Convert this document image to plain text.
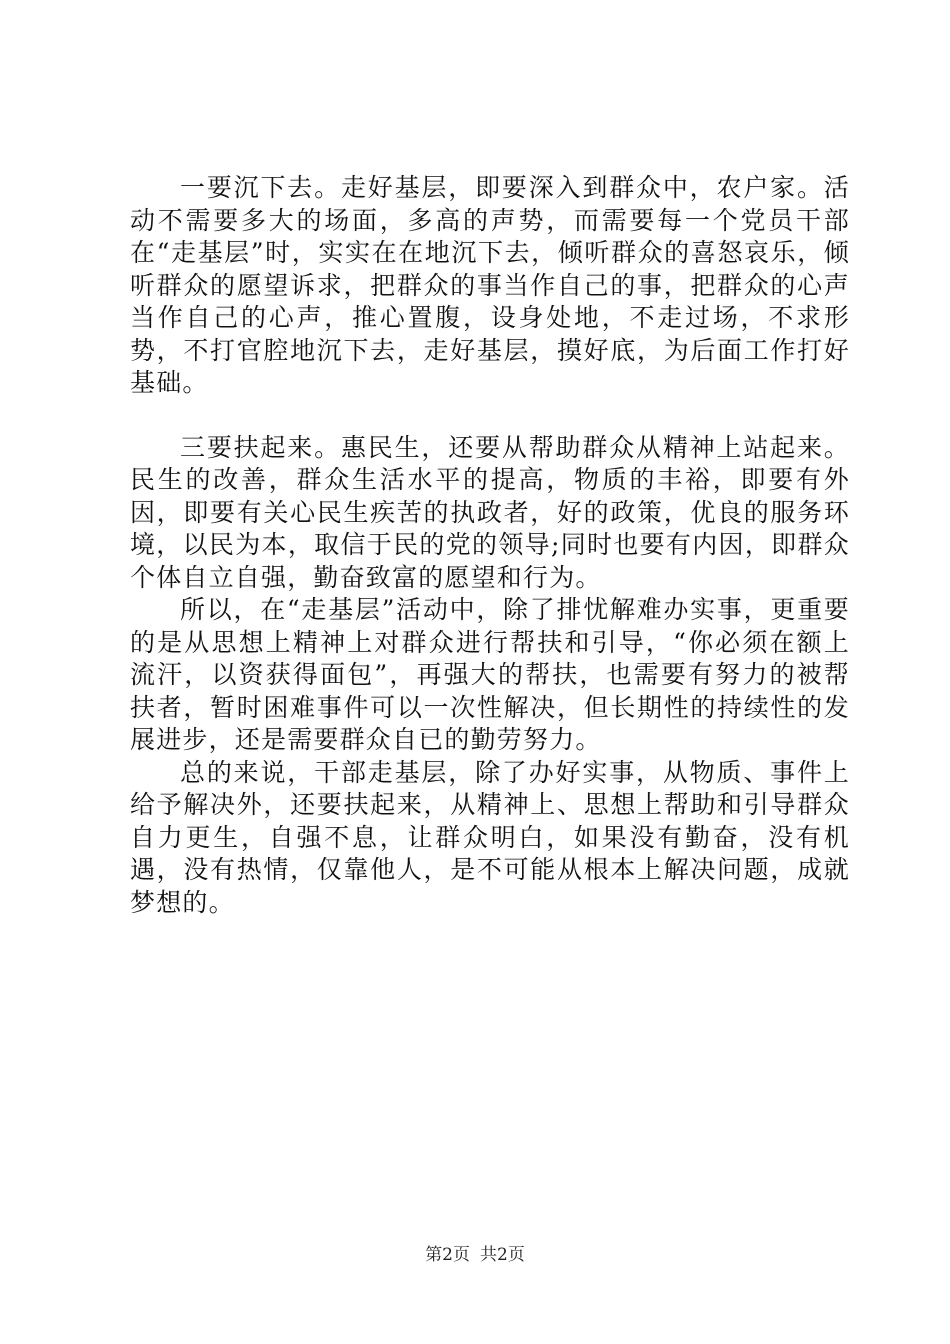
一要沉下去。走好基层，即要深入到群众中，农户家。活动不需要多大的场面，多高的声势，而需要每一个党员干部在“走基层”时，实实在在地沉下去，倾听群众的喜怒哀乐，倾听群众的愿望诉求，把群众的事当作自己的事，把群众的心声当作自己的心声，推心置腹，设身处地，不走过场，不求形势，不打官腔地沉下去，走好基层，摸好底，为后面工作打好基础。

三要扶起来。惠民生，还要从帮助群众从精神上站起来。民生的改善，群众生活水平的提高，物质的丰裕，即要有外因，即要有关心民生疾苦的执政者，好的政策，优良的服务环境，以民为本，取信于民的党的领导;同时也要有内因，即群众个体自立自强，勤奋致富的愿望和行为。

所以，在“走基层”活动中，除了排忧解难办实事，更重要的是从思想上精神上对群众进行帮扶和引导，“你必须在额上流汗，以资获得面包”，再强大的帮扶，也需要有努力的被帮扶者，暂时困难事件可以一次性解决，但长期性的持续性的发展进步，还是需要群众自已的勤劳努力。

总的来说，干部走基层，除了办好实事，从物质、事件上给予解决外，还要扶起来，从精神上、思想上帮助和引导群众自力更生，自强不息，让群众明白，如果没有勤奋，没有机遇，没有热情，仅靠他人，是不可能从根本上解决问题，成就梦想的。

第2页 共2页
